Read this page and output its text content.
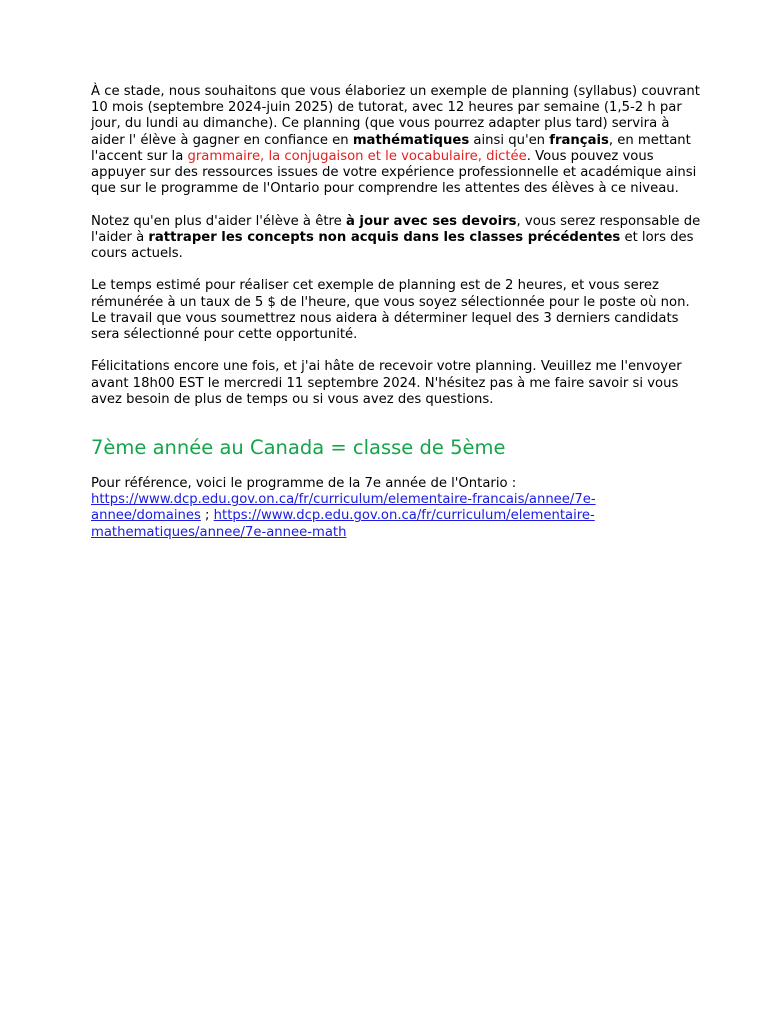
À ce stade, nous souhaitons que vous élaboriez un exemple de planning (syllabus) couvrant 10 mois (septembre 2024-juin 2025) de tutorat, avec 12 heures par semaine (1,5-2 h par jour, du lundi au dimanche). Ce planning (que vous pourrez adapter plus tard) servira à aider l' élève à gagner en confiance en mathématiques ainsi qu'en français, en mettant l'accent sur la grammaire, la conjugaison et le vocabulaire, dictée. Vous pouvez vous appuyer sur des ressources issues de votre expérience professionnelle et académique ainsi que sur le programme de l'Ontario pour comprendre les attentes des élèves à ce niveau.

Notez qu'en plus d'aider l'élève à être à jour avec ses devoirs, vous serez responsable de l'aider à rattraper les concepts non acquis dans les classes précédentes et lors des cours actuels.

Le temps estimé pour réaliser cet exemple de planning est de 2 heures, et vous serez rémunérée à un taux de 5 $ de l'heure, que vous soyez sélectionnée pour le poste où non. Le travail que vous soumettrez nous aidera à déterminer lequel des 3 derniers candidats sera sélectionné pour cette opportunité.

Félicitations encore une fois, et j'ai hâte de recevoir votre planning. Veuillez me l'envoyer avant 18h00 EST le mercredi 11 septembre 2024. N'hésitez pas à me faire savoir si vous avez besoin de plus de temps ou si vous avez des questions.

7ème année au Canada = classe de 5ème

Pour référence, voici le programme de la 7e année de l'Ontario :
https://www.dcp.edu.gov.on.ca/fr/curriculum/elementaire-francais/annee/7e-annee/domaines ; https://www.dcp.edu.gov.on.ca/fr/curriculum/elementaire-mathematiques/annee/7e-annee-math
